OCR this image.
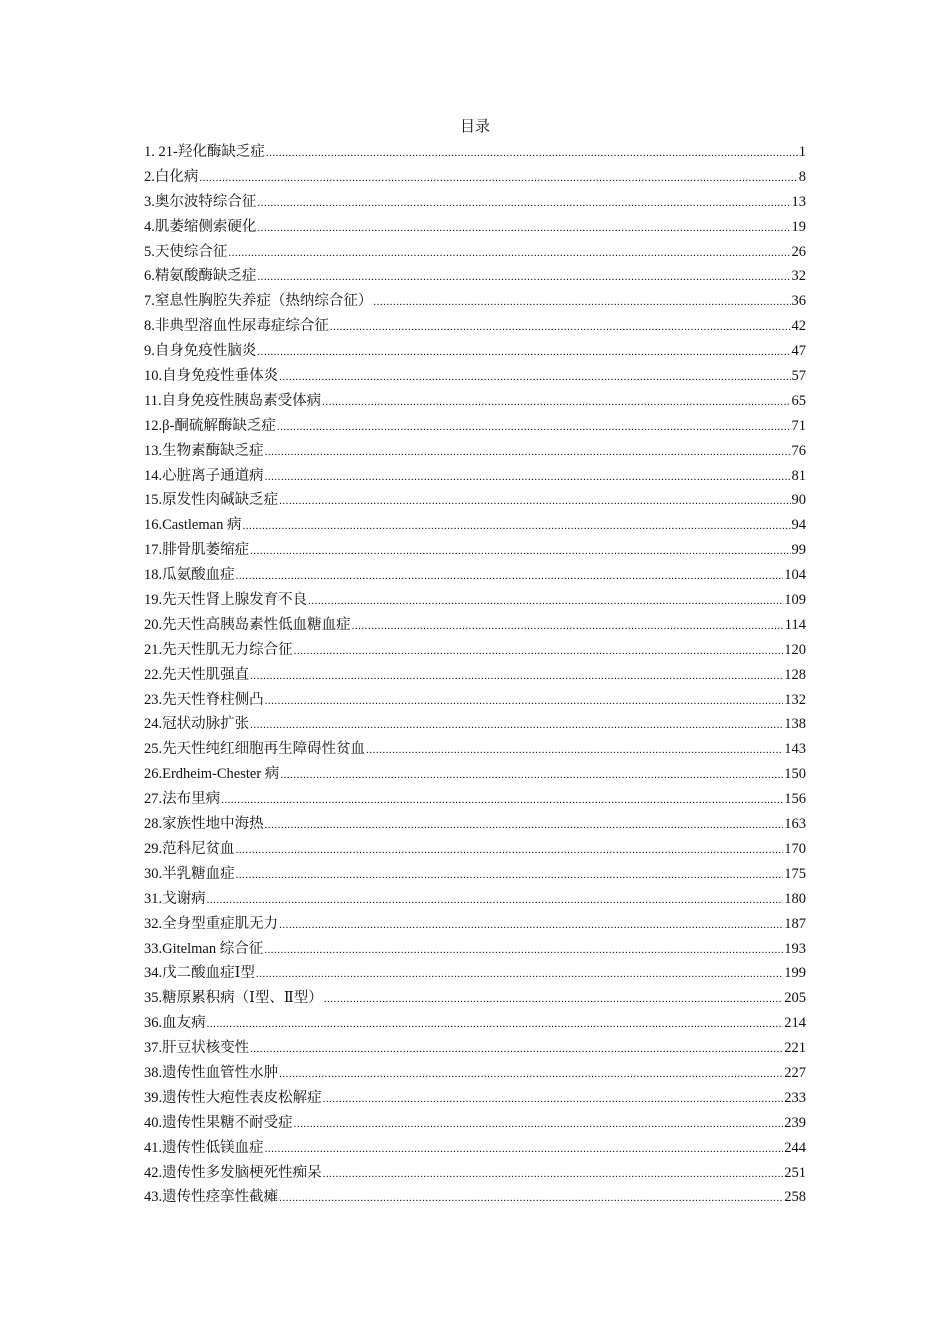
目录
1. 21-羟化酶缺乏症 .....	1
2.白化病 .....	8
3.奥尔波特综合征 .....	13
4.肌萎缩侧索硬化 .....	19
5.天使综合征 .....	26
6.精氨酸酶缺乏症 .....	32
7.窒息性胸腔失养症（热纳综合征） .....	36
8.非典型溶血性尿毒症综合征 .....	42
9.自身免疫性脑炎 .....	47
10.自身免疫性垂体炎 .....	57
11.自身免疫性胰岛素受体病 .....	65
12.β-酮硫解酶缺乏症 .....	71
13.生物素酶缺乏症 .....	76
14.心脏离子通道病 .....	81
15.原发性肉碱缺乏症 .....	90
16.Castleman 病 .....	94
17.腓骨肌萎缩症 .....	99
18.瓜氨酸血症 .....	104
19.先天性肾上腺发育不良 .....	109
20.先天性高胰岛素性低血糖血症 .....	114
21.先天性肌无力综合征 .....	120
22.先天性肌强直 .....	128
23.先天性脊柱侧凸 .....	132
24.冠状动脉扩张 .....	138
25.先天性纯红细胞再生障碍性贫血 .....	143
26.Erdheim-Chester 病 .....	150
27.法布里病 .....	156
28.家族性地中海热 .....	163
29.范科尼贫血 .....	170
30.半乳糖血症 .....	175
31.戈谢病 .....	180
32.全身型重症肌无力 .....	187
33.Gitelman 综合征 .....	193
34.戊二酸血症Ⅰ型 .....	199
35.糖原累积病（Ⅰ型、Ⅱ型） .....	205
36.血友病 .....	214
37.肝豆状核变性 .....	221
38.遗传性血管性水肿 .....	227
39.遗传性大疱性表皮松解症 .....	233
40.遗传性果糖不耐受症 .....	239
41.遗传性低镁血症 .....	244
42.遗传性多发脑梗死性痴呆 .....	251
43.遗传性痉挛性截瘫 .....	258
